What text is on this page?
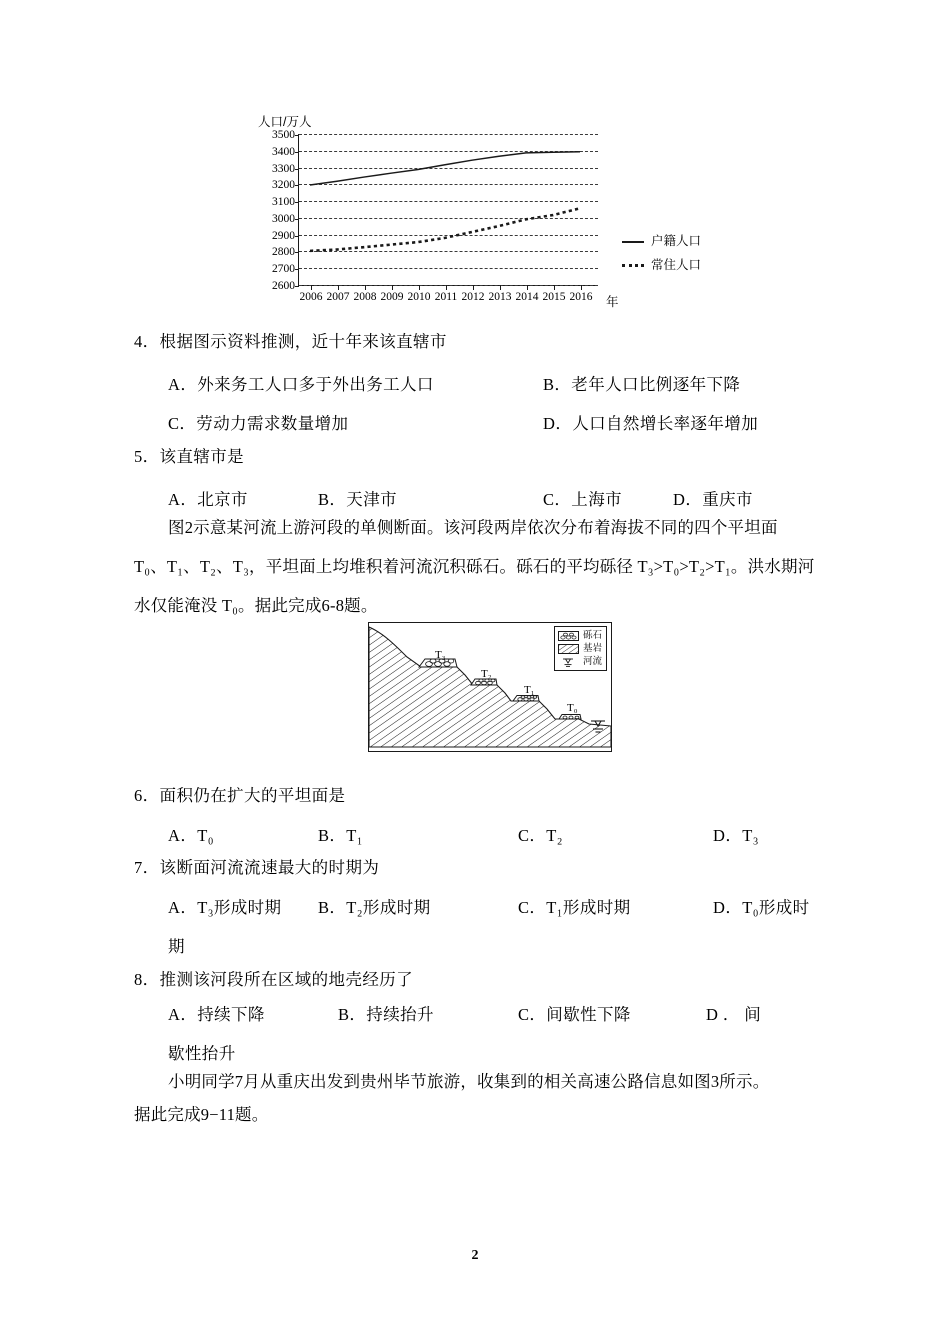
人口/万人
3500
3400
3300
3200
3100
3000
2900
2800
2700
2600
2006 2007 2008 2009 2010 2011 2012 2013 2014 2015 2016 年
户籍人口
常住人口
4．根据图示资料推测，近十年来该直辖市
A．外来务工人口多于外出务工人口	B．老年人口比例逐年下降
C．劳动力需求数量增加	D．人口自然增长率逐年增加
5．该直辖市是
A．北京市	B．天津市	C．上海市	D．重庆市
图2示意某河流上游河段的单侧断面。该河段两岸依次分布着海拔不同的四个平坦面
T₀、T₁、T₂、T₃，平坦面上均堆积着河流沉积砾石。砾石的平均砾径 T₃>T₀>T₂>T₁。洪水期河
水仅能淹没 T₀。据此完成6-8题。
T₃
T₂
T₁
T₀
砾石
基岩
河流
6．面积仍在扩大的平坦面是
A．T₀	B．T₁	C．T₂	D．T₃
7．该断面河流流速最大的时期为
A．T₃形成时期 B．T₂形成时期	C．T₁形成时期	D．T₀形成时
期
8．推测该河段所在区域的地壳经历了
A．持续下降	B．持续抬升	C．间歇性下降	D ． 间
歇性抬升
小明同学7月从重庆出发到贵州毕节旅游，收集到的相关高速公路信息如图3所示。
据此完成9−11题。
2
